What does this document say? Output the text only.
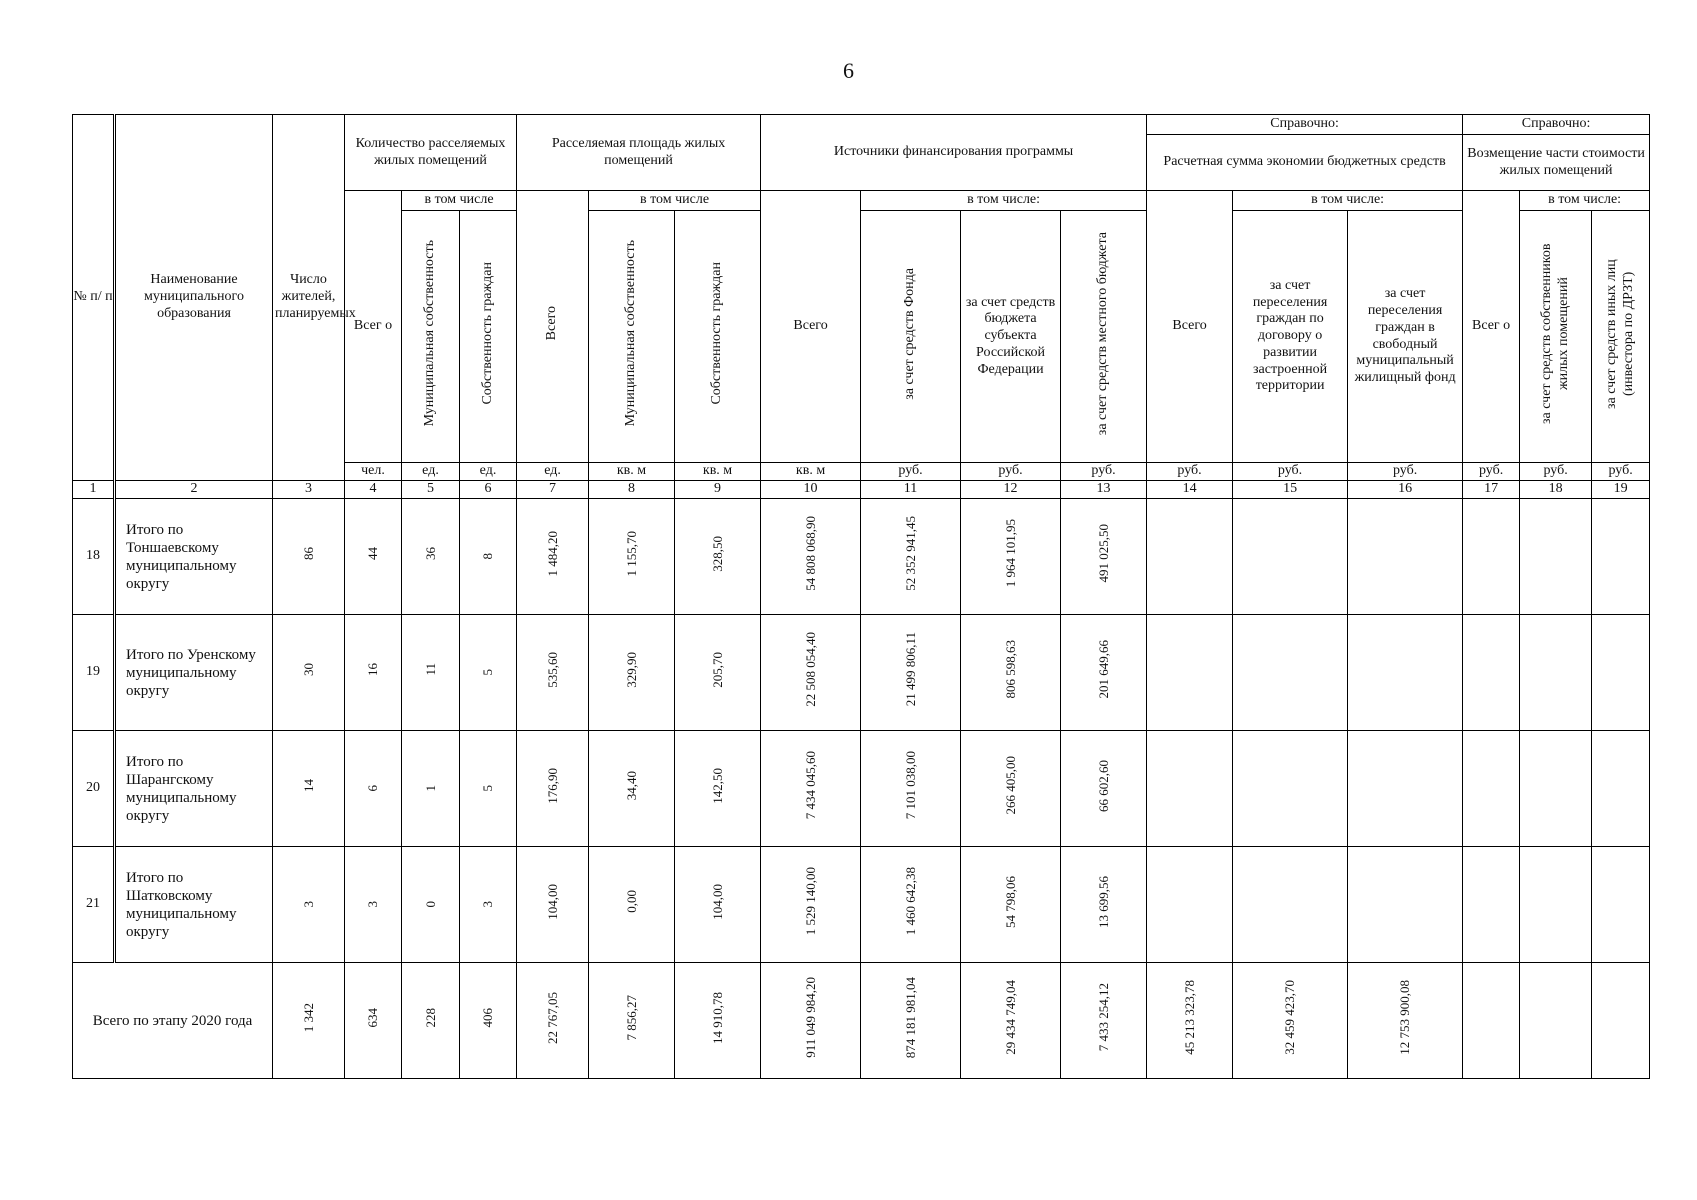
6
№ п/ п	Наименование муниципального образования	Число жителей, планируемых	Количество расселяемых жилых помещений			Расселяемая площадь жилых помещений			Источники финансирования программы				Справочно:			Справочно:			
													Расчетная сумма экономии бюджетных средств			Возмещение части стоимости жилых помещений			
			Всег о	в том числе		Всего	в том числе		Всего	в том числе:			Всего	в том числе:		Всег о	в том числе:		
				Муниципальная собственность	Собственность граждан		Муниципальная собственность	Собственность граждан		за счет средств Фонда	за счет средств бюджета субъекта Российской Федерации	за счет средств местного бюджета		за счет переселения граждан по договору о развитии застроенной территории	за счет переселения граждан в свободный муниципальный жилищный фонд		за счет средств собственников жилых помещений	за счет средств иных лиц (инвестора по ДРЗТ)	
			чел.	ед.	ед.	ед.	кв. м	кв. м	кв. м	руб.	руб.	руб.	руб.	руб.	руб.	руб.	руб.	руб.	
1	2	3	4	5	6	7	8	9	10	11	12	13	14	15	16	17	18	19	
18	Итого по Тоншаевскому муниципальному округу	86	44	36	8	1 484,20	1 155,70	328,50	54 808 068,90	52 352 941,45	1 964 101,95	491 025,50							
19	Итого по Уренскому муниципальному округу	30	16	11	5	535,60	329,90	205,70	22 508 054,40	21 499 806,11	806 598,63	201 649,66							
20	Итого по Шарангскому муниципальному округу	14	6	1	5	176,90	34,40	142,50	7 434 045,60	7 101 038,00	266 405,00	66 602,60							
21	Итого по Шатковскому муниципальному округу	3	3	0	3	104,00	0,00	104,00	1 529 140,00	1 460 642,38	54 798,06	13 699,56							
Всего по этапу 2020 года		1 342	634	228	406	22 767,05	7 856,27	14 910,78	911 049 984,20	874 181 981,04	29 434 749,04	7 433 254,12	45 213 323,78	32 459 423,70	12 753 900,08				
